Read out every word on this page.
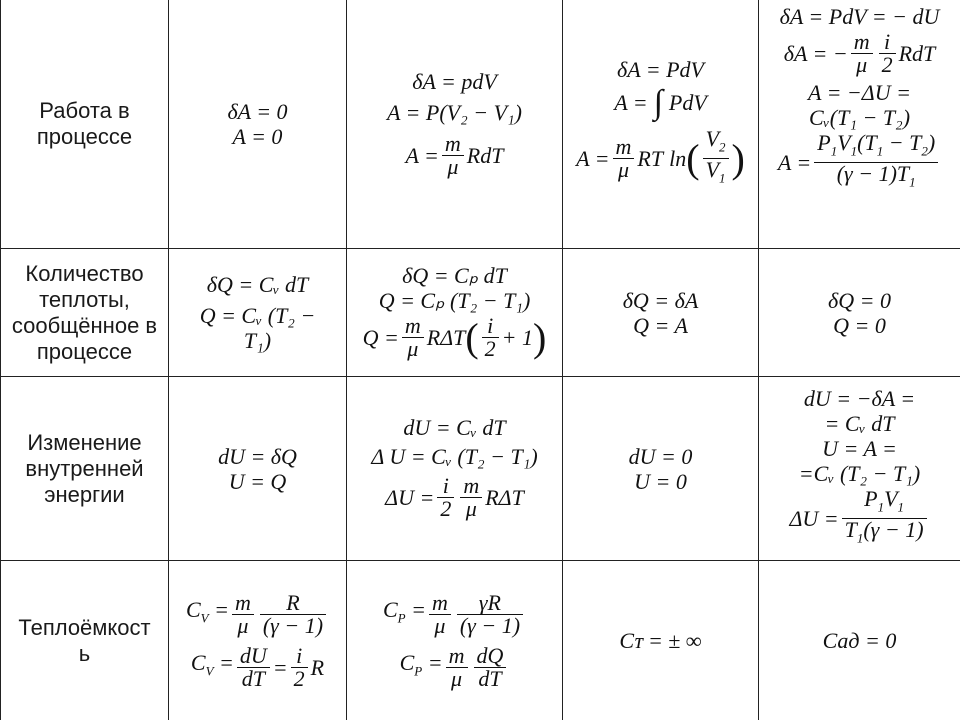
Работа в процессе
δA = 0
A = 0
δA = pdV
A = P(V₂ − V₁)
$A = \frac{m}{\mu}$ RdT
δA = PdV
A = ∫ PdV
$A = \frac{m}{\mu}$ RT ln ( $\frac{V_2}{V_1}$ )
δA = PdV = − dU
δA = − $\frac{m}{\mu} \frac{i}{2}$ RdT
A = −ΔU =
Cᵥ(T₁ − T₂)
$A = \frac{P_1V_1(T_1 - T_2)}{(\gamma - 1)T_1}$
Количество теплоты, сообщённое в процессе
δQ = Cᵥ dT
Q = Cᵥ (T₂ −
T₁)
δQ = Cₚ dT
Q = Cₚ (T₂ − T₁)
$Q = \frac{m}{\mu}$ RΔT ( $\frac{i}{2} + 1$ )
δQ = δA
Q = A
δQ = 0
Q = 0
Изменение внутренней энергии
dU = δQ
U = Q
dU = Cᵥ dT
Δ U = Cᵥ (T₂ − T₁)
$\Delta U = \frac{i}{2} \frac{m}{\mu}$ RΔT
dU = 0
U = 0
dU = −δA =
= Cᵥ dT
U = A =
=Cᵥ (T₂ − T₁)
$\Delta U = \frac{P_1V_1}{T_1(\gamma - 1)}$
Теплоёмкост
ь
$C_V = \frac{m}{\mu} \frac{R}{(\gamma - 1)}$
$C_V = \frac{dU}{dT} = \frac{i}{2}$ R
$C_P = \frac{m}{\mu} \frac{\gamma R}{(\gamma - 1)}$
$C_P = \frac{m}{\mu} \frac{dQ}{dT}$
Cᴛ = ± ∞	Cад = 0
